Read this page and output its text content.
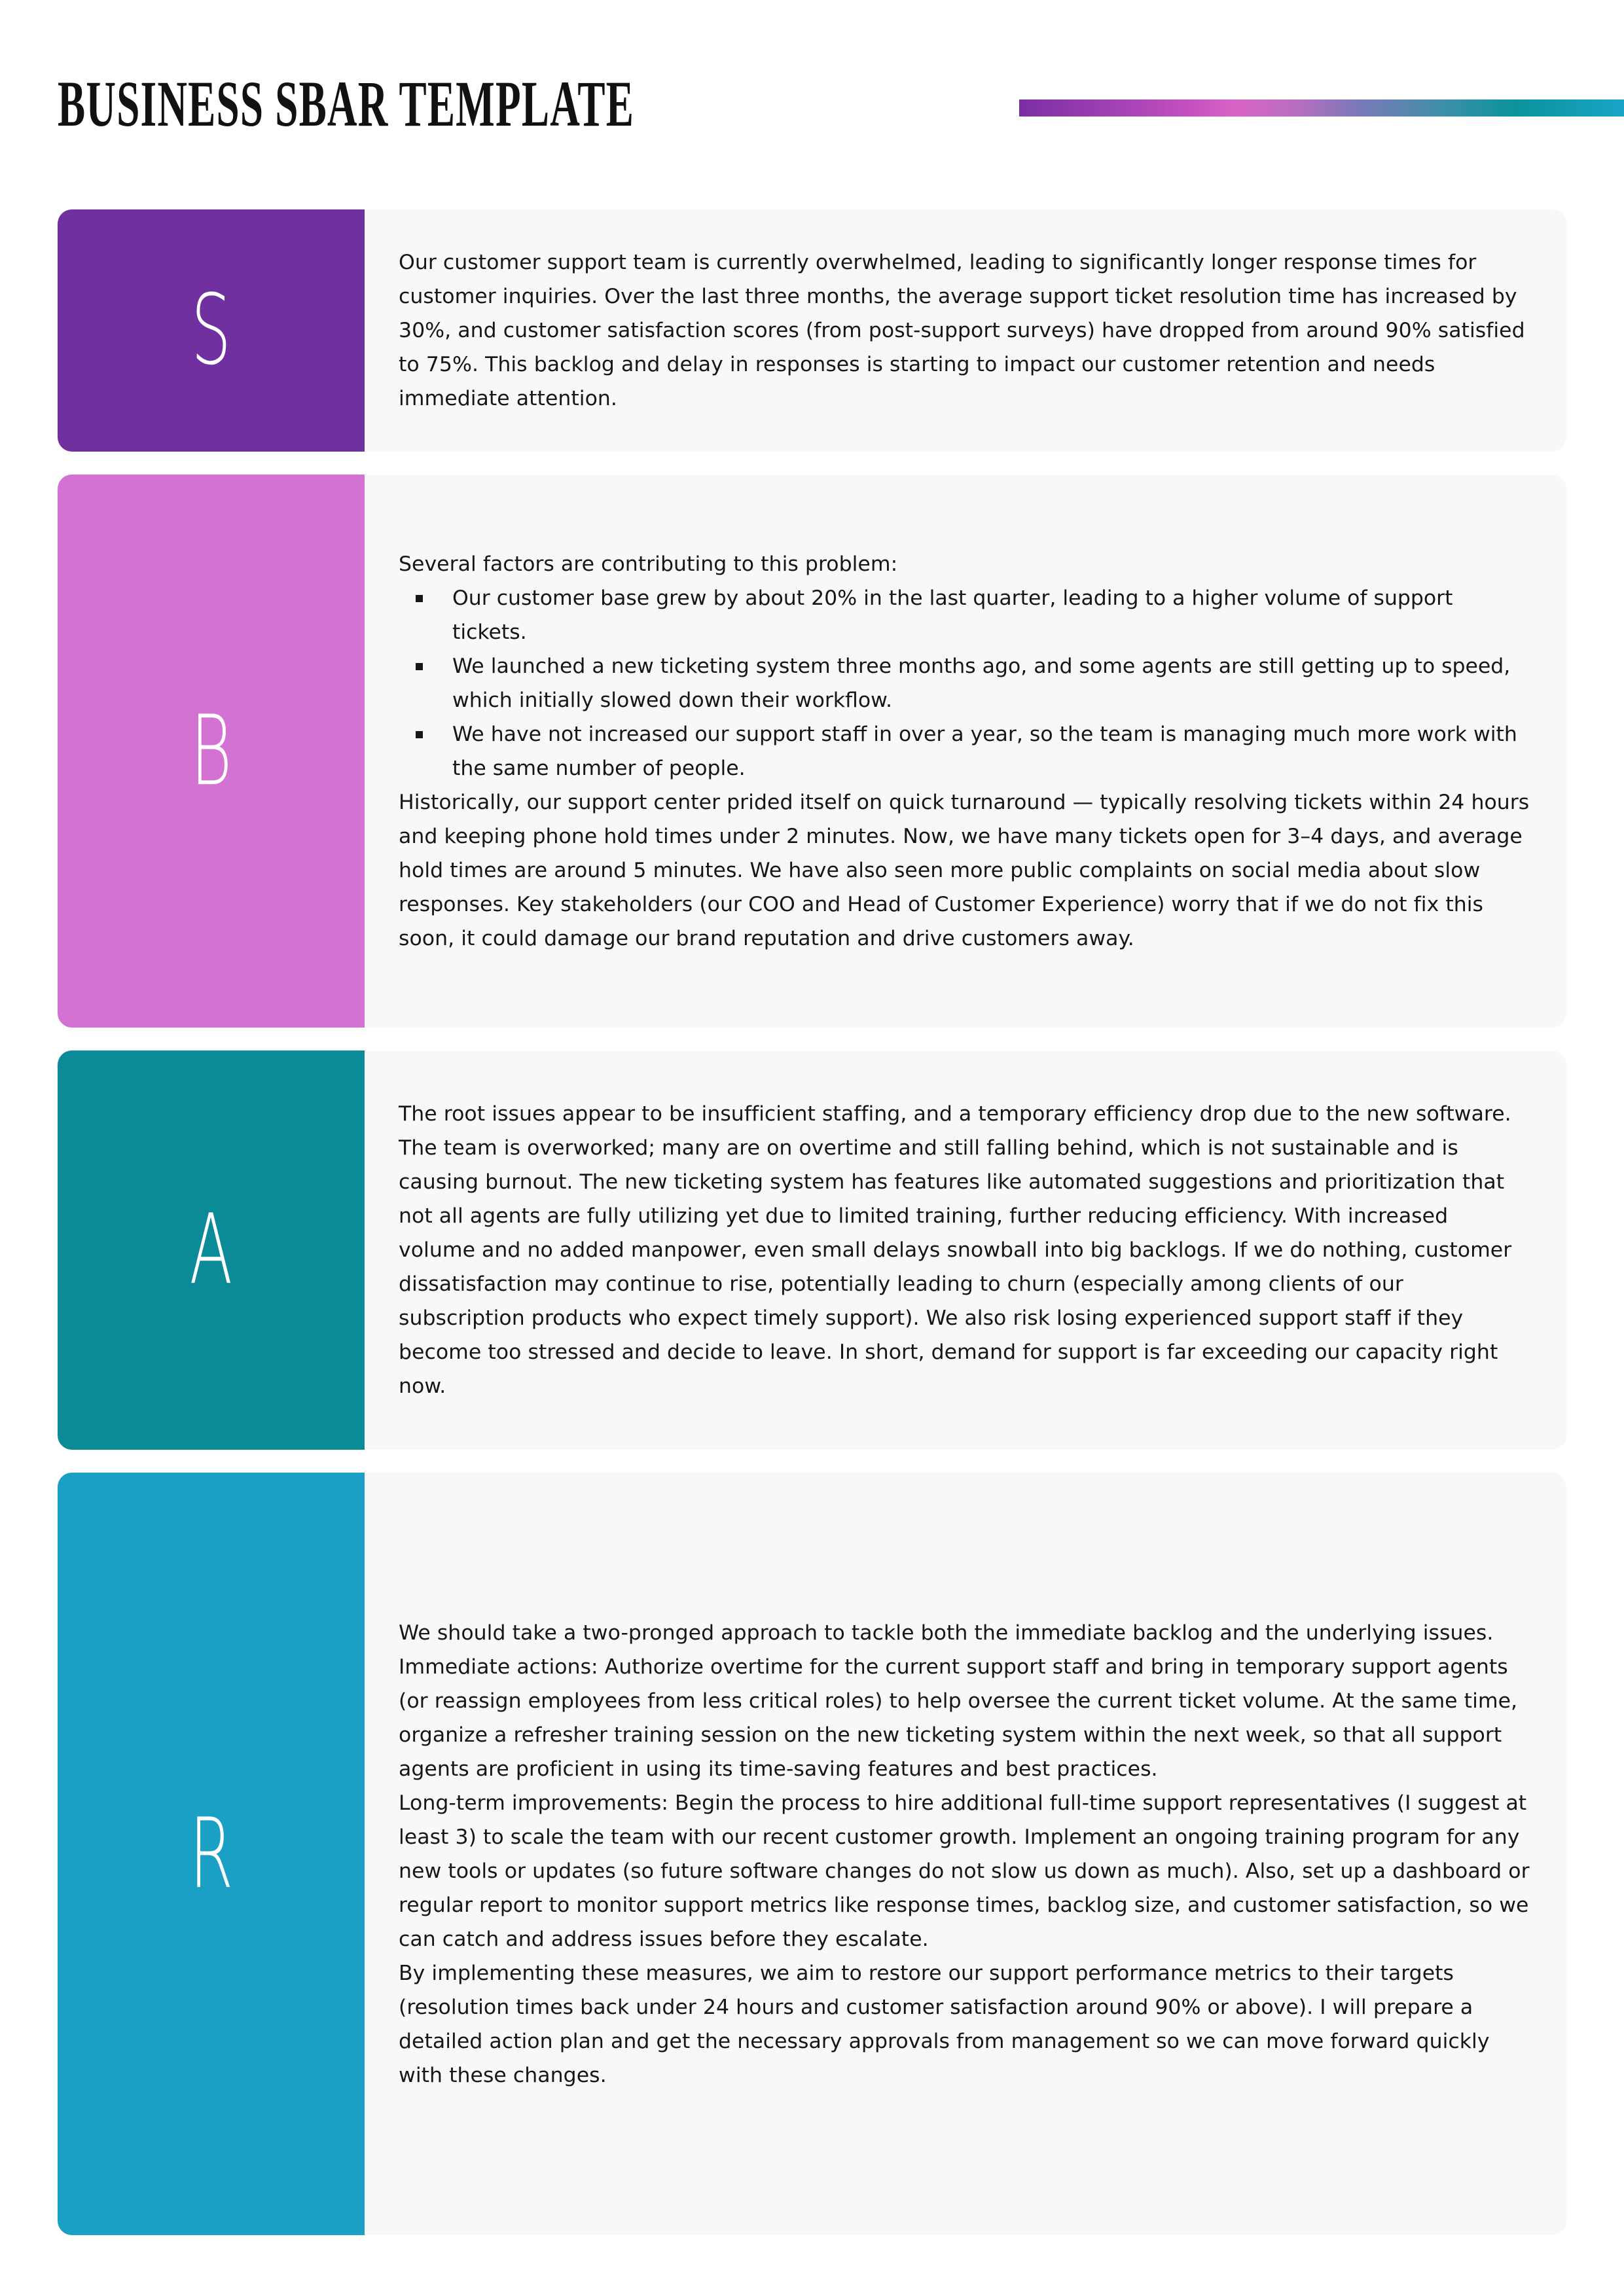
BUSINESS SBAR TEMPLATE
S
Our customer support team is currently overwhelmed, leading to significantly longer response times for customer inquiries. Over the last three months, the average support ticket resolution time has increased by 30%, and customer satisfaction scores (from post-support surveys) have dropped from around 90% satisfied to 75%. This backlog and delay in responses is starting to impact our customer retention and needs immediate attention.
B
Several factors are contributing to this problem:
Our customer base grew by about 20% in the last quarter, leading to a higher volume of support tickets.
We launched a new ticketing system three months ago, and some agents are still getting up to speed, which initially slowed down their workflow.
We have not increased our support staff in over a year, so the team is managing much more work with the same number of people.
Historically, our support center prided itself on quick turnaround — typically resolving tickets within 24 hours and keeping phone hold times under 2 minutes. Now, we have many tickets open for 3–4 days, and average hold times are around 5 minutes. We have also seen more public complaints on social media about slow responses. Key stakeholders (our COO and Head of Customer Experience) worry that if we do not fix this soon, it could damage our brand reputation and drive customers away.
A
The root issues appear to be insufficient staffing, and a temporary efficiency drop due to the new software. The team is overworked; many are on overtime and still falling behind, which is not sustainable and is causing burnout. The new ticketing system has features like automated suggestions and prioritization that not all agents are fully utilizing yet due to limited training, further reducing efficiency. With increased volume and no added manpower, even small delays snowball into big backlogs. If we do nothing, customer dissatisfaction may continue to rise, potentially leading to churn (especially among clients of our subscription products who expect timely support). We also risk losing experienced support staff if they become too stressed and decide to leave. In short, demand for support is far exceeding our capacity right now.
R
We should take a two-pronged approach to tackle both the immediate backlog and the underlying issues.
Immediate actions: Authorize overtime for the current support staff and bring in temporary support agents (or reassign employees from less critical roles) to help oversee the current ticket volume. At the same time, organize a refresher training session on the new ticketing system within the next week, so that all support agents are proficient in using its time-saving features and best practices.
Long-term improvements: Begin the process to hire additional full-time support representatives (I suggest at least 3) to scale the team with our recent customer growth. Implement an ongoing training program for any new tools or updates (so future software changes do not slow us down as much). Also, set up a dashboard or regular report to monitor support metrics like response times, backlog size, and customer satisfaction, so we can catch and address issues before they escalate.
By implementing these measures, we aim to restore our support performance metrics to their targets (resolution times back under 24 hours and customer satisfaction around 90% or above). I will prepare a detailed action plan and get the necessary approvals from management so we can move forward quickly with these changes.
